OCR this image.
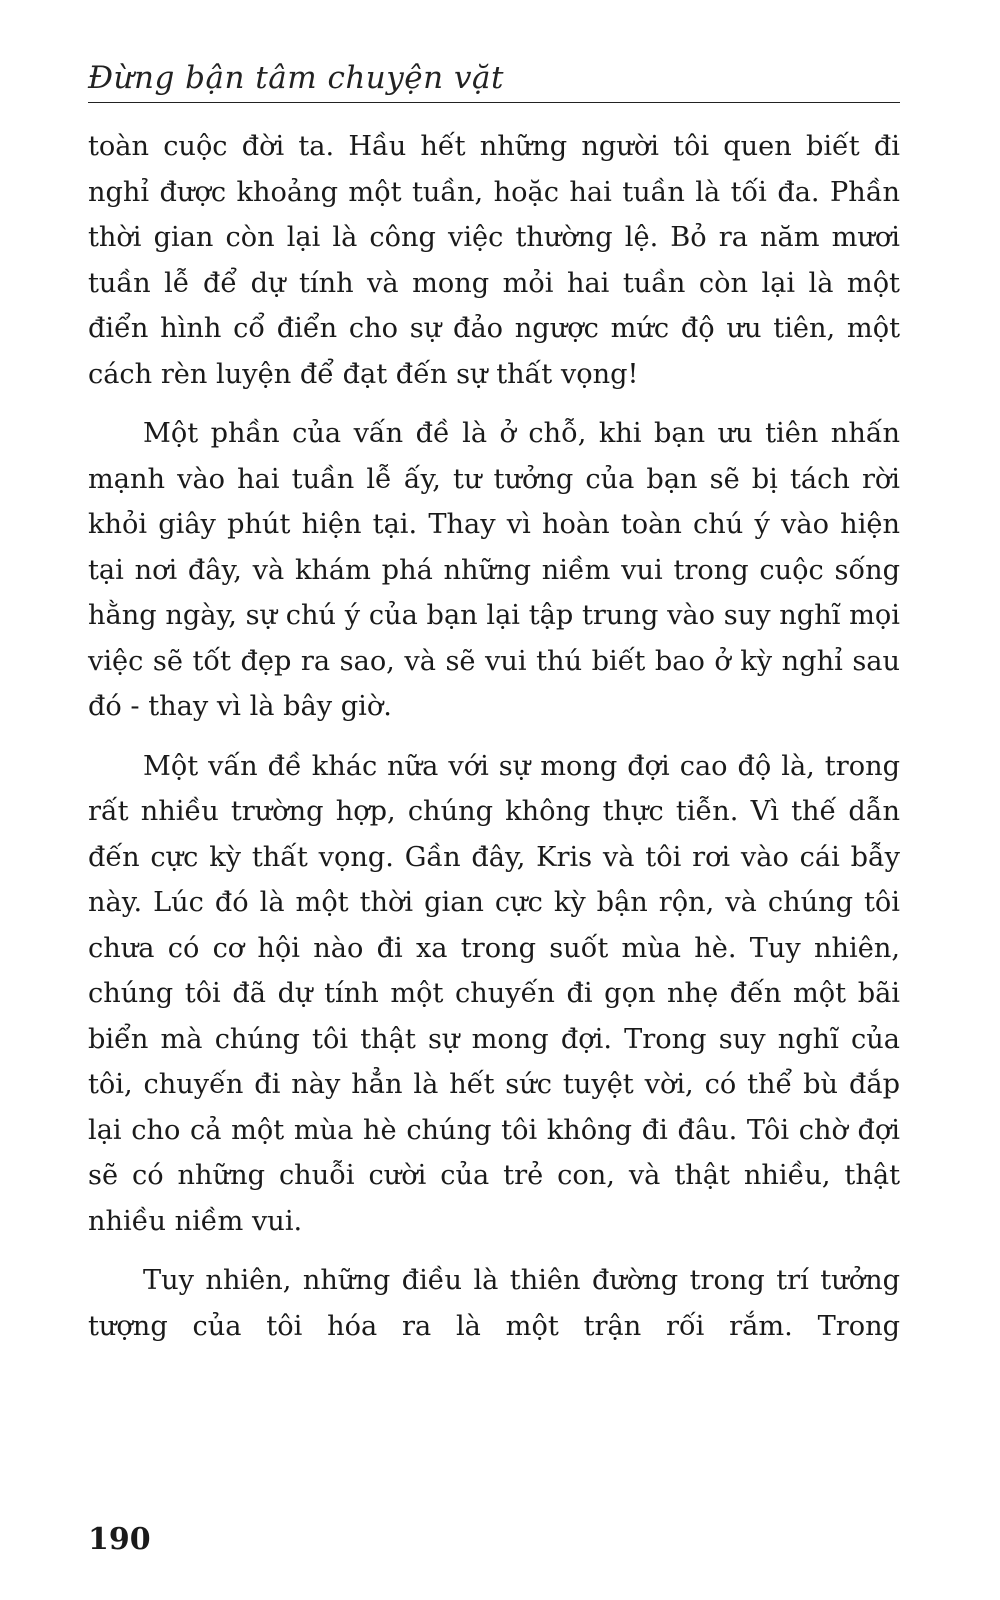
Đừng bận tâm chuyện vặt

toàn cuộc đời ta. Hầu hết những người tôi quen biết đi nghỉ được khoảng một tuần, hoặc hai tuần là tối đa. Phần thời gian còn lại là công việc thường lệ. Bỏ ra năm mươi tuần lễ để dự tính và mong mỏi hai tuần còn lại là một điển hình cổ điển cho sự đảo ngược mức độ ưu tiên, một cách rèn luyện để đạt đến sự thất vọng!

Một phần của vấn đề là ở chỗ, khi bạn ưu tiên nhấn mạnh vào hai tuần lễ ấy, tư tưởng của bạn sẽ bị tách rời khỏi giây phút hiện tại. Thay vì hoàn toàn chú ý vào hiện tại nơi đây, và khám phá những niềm vui trong cuộc sống hằng ngày, sự chú ý của bạn lại tập trung vào suy nghĩ mọi việc sẽ tốt đẹp ra sao, và sẽ vui thú biết bao ở kỳ nghỉ sau đó - thay vì là bây giờ.

Một vấn đề khác nữa với sự mong đợi cao độ là, trong rất nhiều trường hợp, chúng không thực tiễn. Vì thế dẫn đến cực kỳ thất vọng. Gần đây, Kris và tôi rơi vào cái bẫy này. Lúc đó là một thời gian cực kỳ bận rộn, và chúng tôi chưa có cơ hội nào đi xa trong suốt mùa hè. Tuy nhiên, chúng tôi đã dự tính một chuyến đi gọn nhẹ đến một bãi biển mà chúng tôi thật sự mong đợi. Trong suy nghĩ của tôi, chuyến đi này hẳn là hết sức tuyệt vời, có thể bù đắp lại cho cả một mùa hè chúng tôi không đi đâu. Tôi chờ đợi sẽ có những chuỗi cười của trẻ con, và thật nhiều, thật nhiều niềm vui.

Tuy nhiên, những điều là thiên đường trong trí tưởng tượng của tôi hóa ra là một trận rối rắm. Trong

190
